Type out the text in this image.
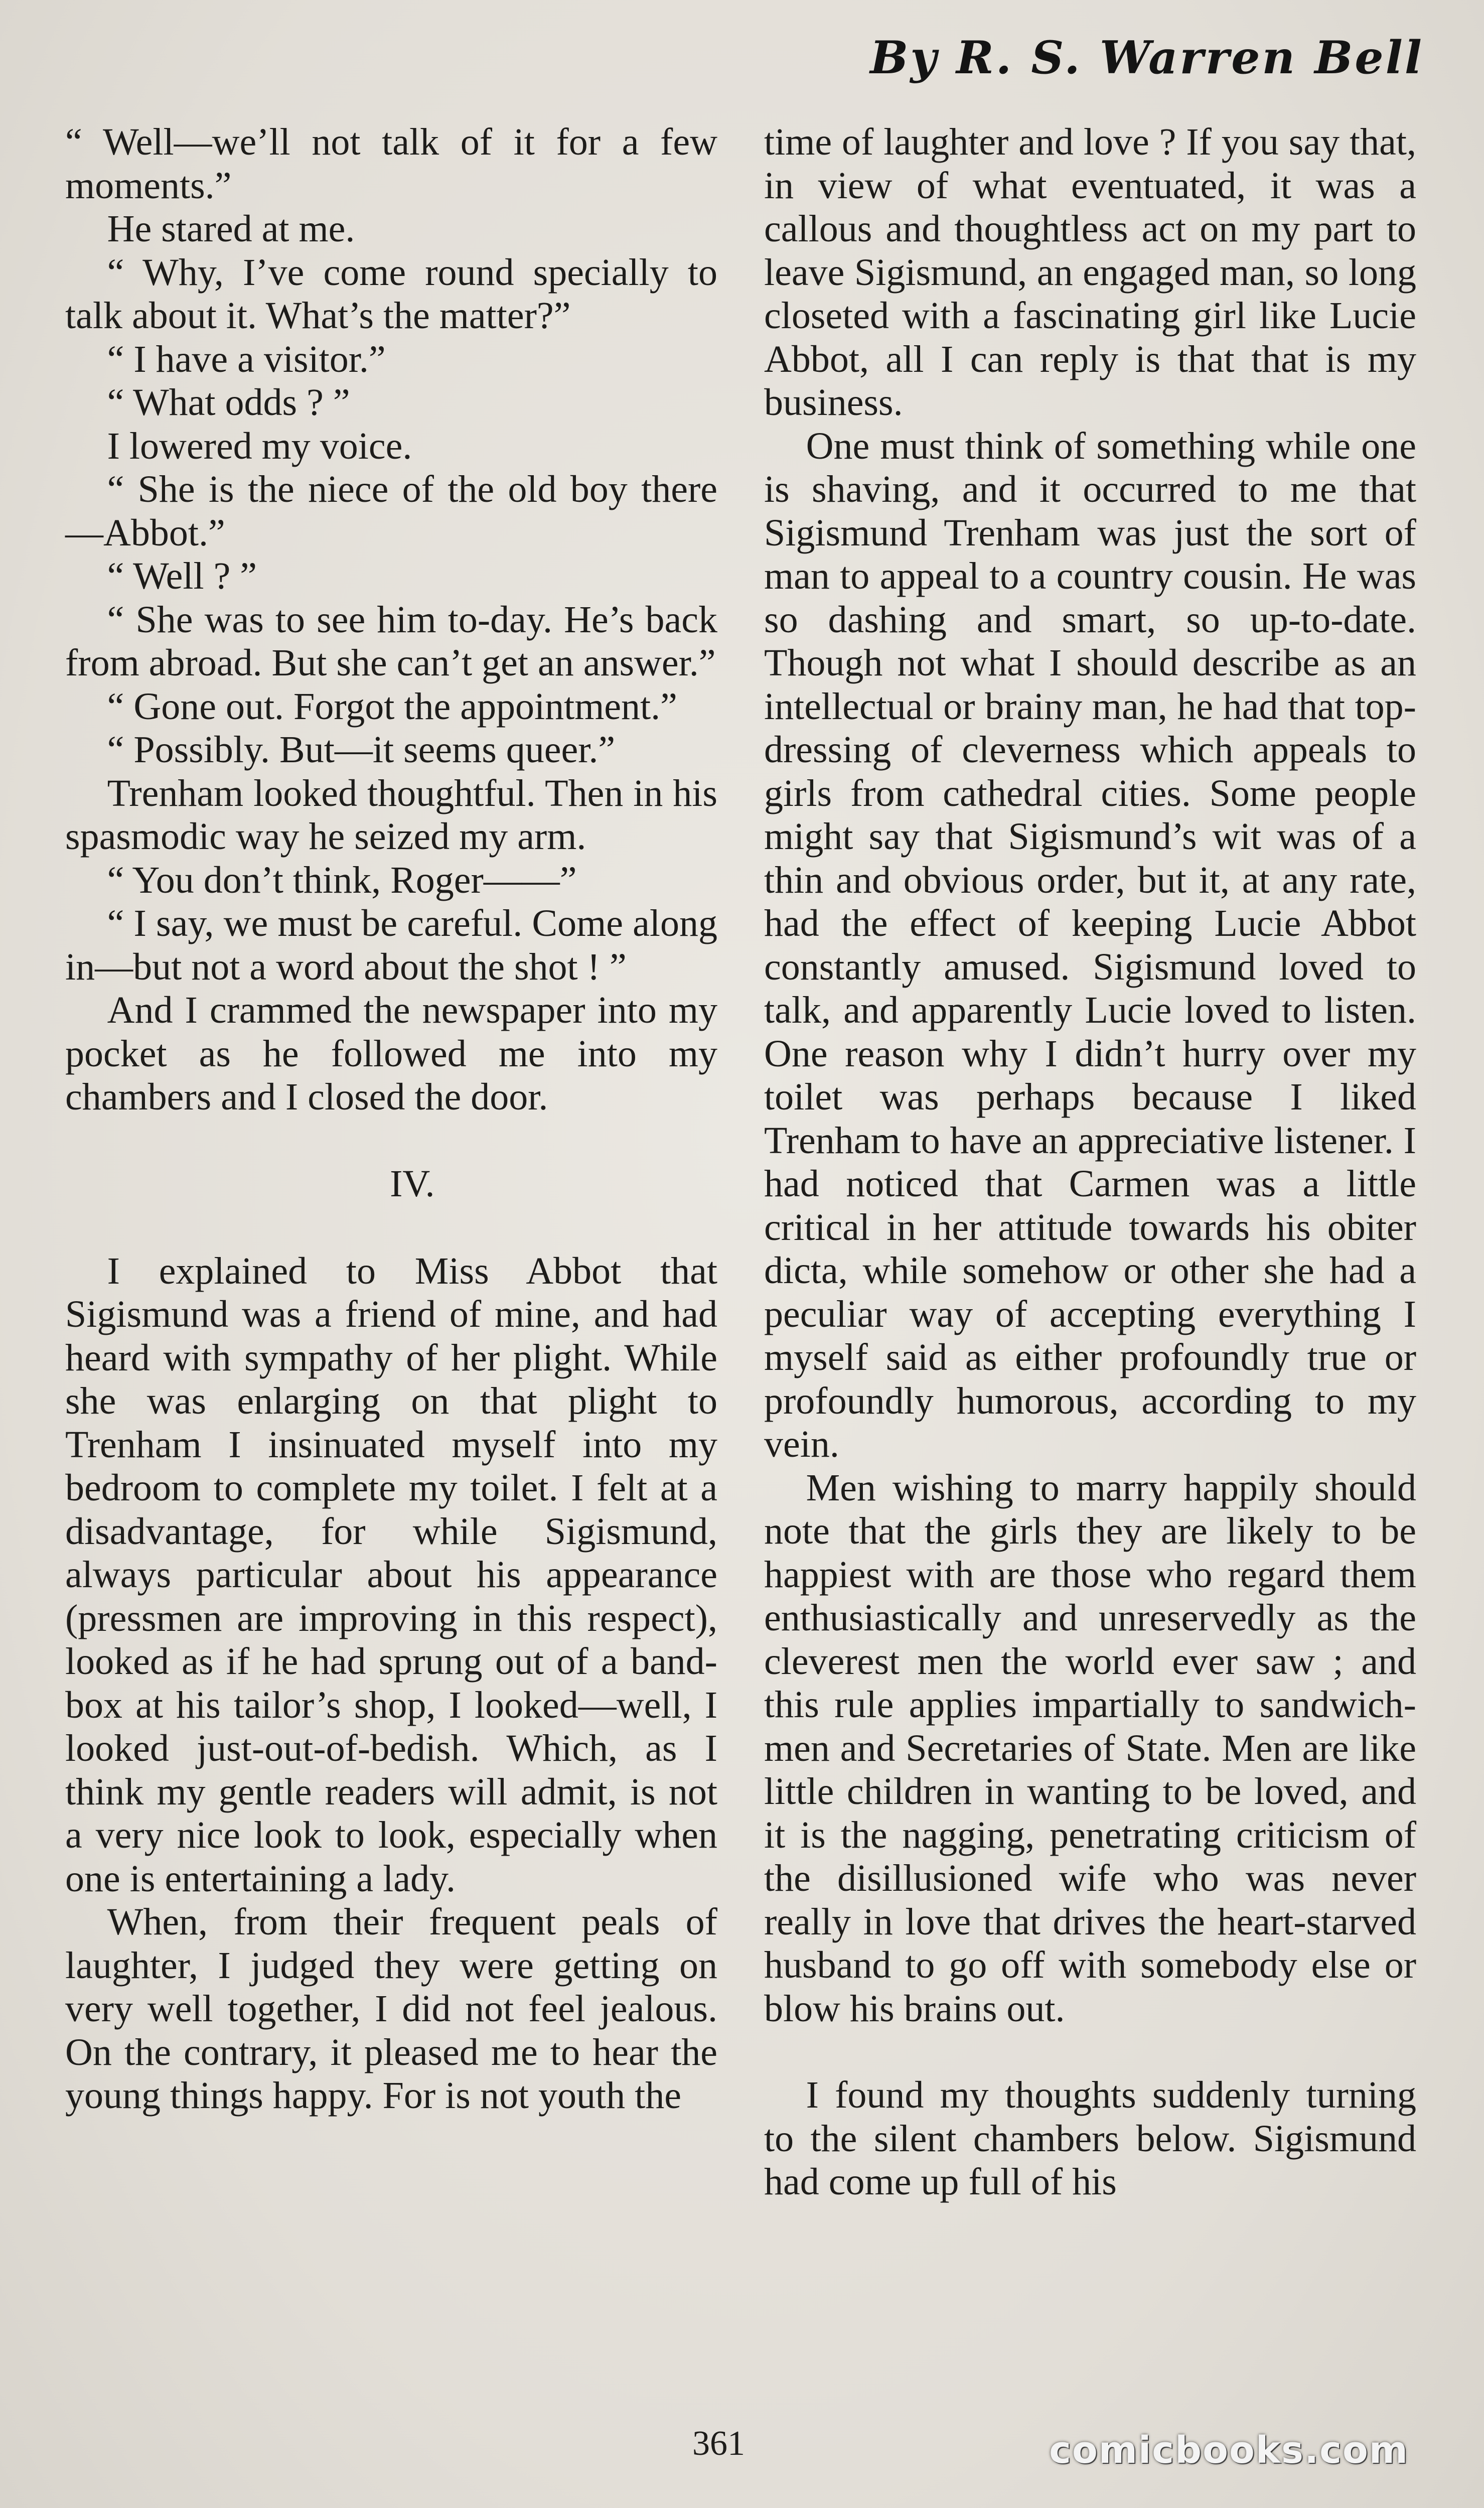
By R. S. Warren Bell

“ Well—we’ll not talk of it for a few moments.”

He stared at me.

“ Why, I’ve come round specially to talk about it. What’s the matter?”

“ I have a visitor.”

“ What odds ? ”

I lowered my voice.

“ She is the niece of the old boy there—Abbot.”

“ Well ? ”

“ She was to see him to-day. He’s back from abroad. But she can’t get an answer.”

“ Gone out. Forgot the appointment.”

“ Possibly. But—it seems queer.”

Trenham looked thoughtful. Then in his spasmodic way he seized my arm.

“ You don’t think, Roger——”

“ I say, we must be careful. Come along in—but not a word about the shot ! ”

And I crammed the newspaper into my pocket as he followed me into my chambers and I closed the door.

IV.

I explained to Miss Abbot that Sigismund was a friend of mine, and had heard with sympathy of her plight. While she was enlarging on that plight to Trenham I insinuated myself into my bedroom to complete my toilet. I felt at a disadvantage, for while Sigismund, always particular about his appearance (pressmen are improving in this respect), looked as if he had sprung out of a band-box at his tailor’s shop, I looked—well, I looked just-out-of-bedish. Which, as I think my gentle readers will admit, is not a very nice look to look, especially when one is entertaining a lady.

When, from their frequent peals of laughter, I judged they were getting on very well together, I did not feel jealous. On the contrary, it pleased me to hear the young things happy. For is not youth the

time of laughter and love ? If you say that, in view of what eventuated, it was a callous and thoughtless act on my part to leave Sigismund, an engaged man, so long closeted with a fascinating girl like Lucie Abbot, all I can reply is that that is my business.

One must think of something while one is shaving, and it occurred to me that Sigismund Trenham was just the sort of man to appeal to a country cousin. He was so dashing and smart, so up-to-date. Though not what I should describe as an intellectual or brainy man, he had that top-dressing of cleverness which appeals to girls from cathedral cities. Some people might say that Sigismund’s wit was of a thin and obvious order, but it, at any rate, had the effect of keeping Lucie Abbot constantly amused. Sigismund loved to talk, and apparently Lucie loved to listen. One reason why I didn’t hurry over my toilet was perhaps because I liked Trenham to have an appreciative listener. I had noticed that Carmen was a little critical in her attitude towards his obiter dicta, while somehow or other she had a peculiar way of accepting everything I myself said as either profoundly true or profoundly humorous, according to my vein.

Men wishing to marry happily should note that the girls they are likely to be happiest with are those who regard them enthusiastically and unreservedly as the cleverest men the world ever saw ; and this rule applies impartially to sandwich-men and Secretaries of State. Men are like little children in wanting to be loved, and it is the nagging, penetrating criticism of the disillusioned wife who was never really in love that drives the heart-starved husband to go off with somebody else or blow his brains out.

I found my thoughts suddenly turning to the silent chambers below. Sigismund had come up full of his

361	comicbooks.com
